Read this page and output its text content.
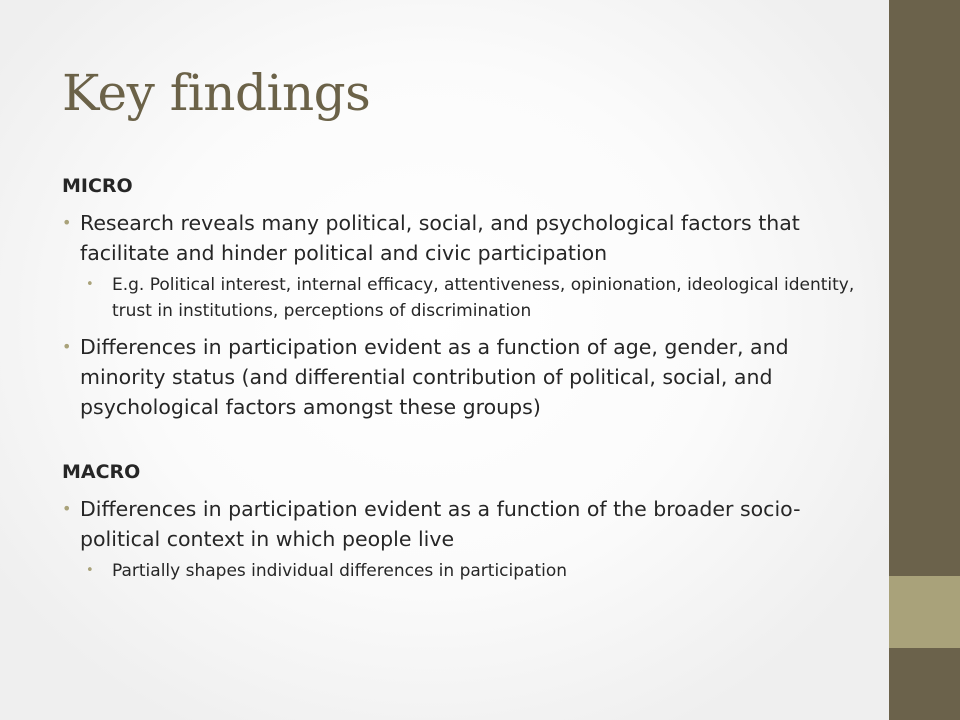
Key findings
MICRO
• Research reveals many political, social, and psychological factors that facilitate and hinder political and civic participation
• E.g. Political interest, internal efficacy, attentiveness, opinionation, ideological identity, trust in institutions, perceptions of discrimination
• Differences in participation evident as a function of age, gender, and minority status (and differential contribution of political, social, and psychological factors amongst these groups)
MACRO
• Differences in participation evident as a function of the broader socio-political context in which people live
• Partially shapes individual differences in participation
